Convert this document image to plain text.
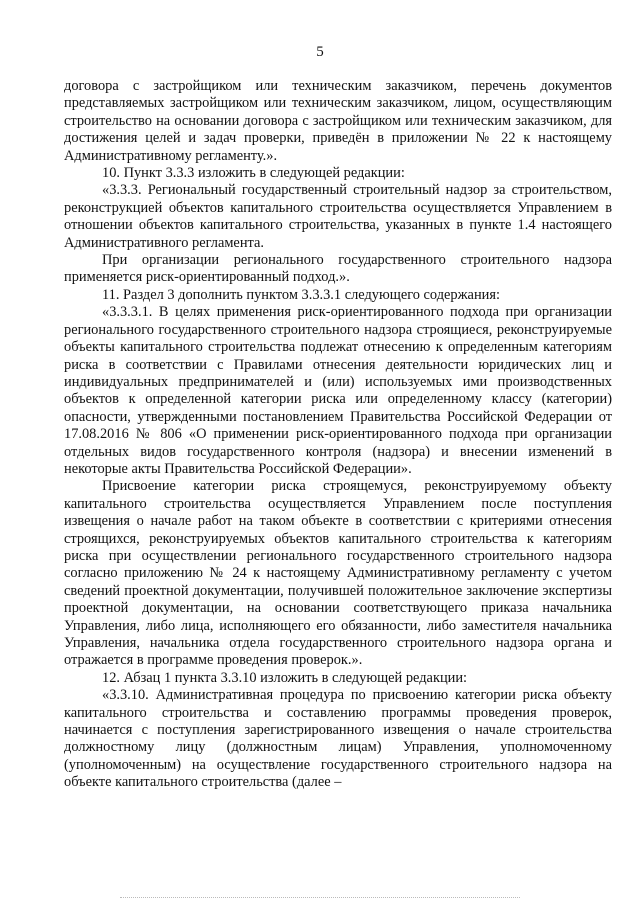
5

договора с застройщиком или техническим заказчиком, перечень документов представляемых застройщиком или техническим заказчиком, лицом, осуществляющим строительство на основании договора с застройщиком или техническим заказчиком, для достижения целей и задач проверки, приведён в приложении № 22 к настоящему Административному регламенту.».

10. Пункт 3.3.3 изложить в следующей редакции:

«3.3.3. Региональный государственный строительный надзор за строительством, реконструкцией объектов капитального строительства осуществляется Управлением в отношении объектов капитального строительства, указанных в пункте 1.4 настоящего Административного регламента.

При организации регионального государственного строительного надзора применяется риск-ориентированный подход.».

11. Раздел 3 дополнить пунктом 3.3.3.1 следующего содержания:

«3.3.3.1. В целях применения риск-ориентированного подхода при организации регионального государственного строительного надзора строящиеся, реконструируемые объекты капитального строительства подлежат отнесению к определенным категориям риска в соответствии с Правилами отнесения деятельности юридических лиц и индивидуальных предпринимателей и (или) используемых ими производственных объектов к определенной категории риска или определенному классу (категории) опасности, утвержденными постановлением Правительства Российской Федерации от 17.08.2016 № 806 «О применении риск-ориентированного подхода при организации отдельных видов государственного контроля (надзора) и внесении изменений в некоторые акты Правительства Российской Федерации».

Присвоение категории риска строящемуся, реконструируемому объекту капитального строительства осуществляется Управлением после поступления извещения о начале работ на таком объекте в соответствии с критериями отнесения строящихся, реконструируемых объектов капитального строительства к категориям риска при осуществлении регионального государственного строительного надзора согласно приложению № 24 к настоящему Административному регламенту с учетом сведений проектной документации, получившей положительное заключение экспертизы проектной документации, на основании соответствующего приказа начальника Управления, либо лица, исполняющего его обязанности, либо заместителя начальника Управления, начальника отдела государственного строительного надзора органа и отражается в программе проведения проверок.».

12. Абзац 1 пункта 3.3.10 изложить в следующей редакции:

«3.3.10. Административная процедура по присвоению категории риска объекту капитального строительства и составлению программы проведения проверок, начинается с поступления зарегистрированного извещения о начале строительства должностному лицу (должностным лицам) Управления, уполномоченному (уполномоченным) на осуществление государственного строительного надзора на объекте капитального строительства (далее –
